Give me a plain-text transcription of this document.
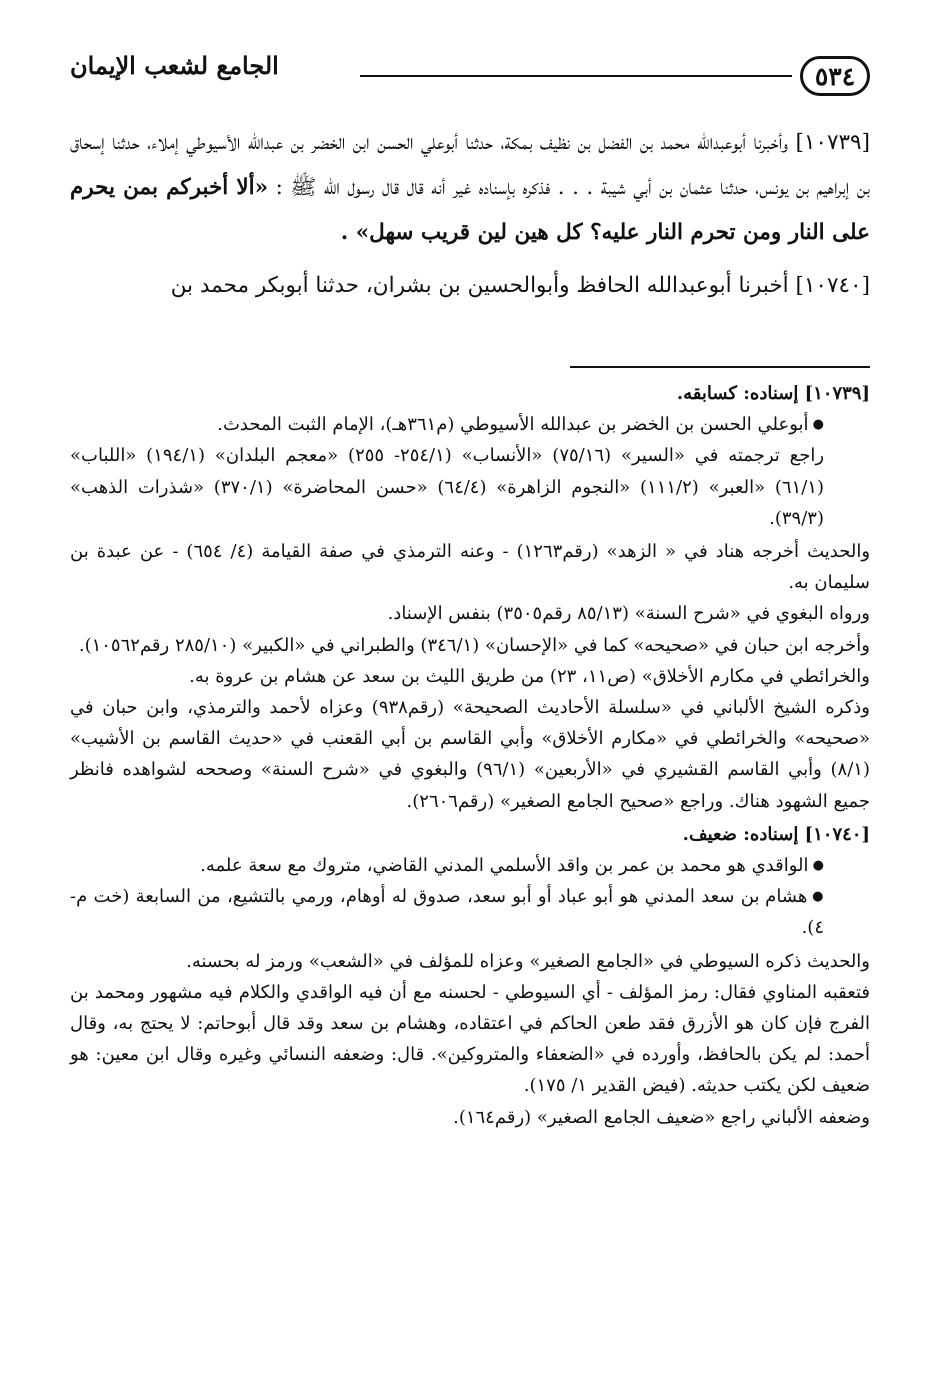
٥٣٤
الجامع لشعب الإيمان

[١٠٧٣٩] وأخبرنا أبوعبدالله محمد بن الفضل بن نظيف بمكة، حدثنا أبوعلي الحسن ابن الخضر بن عبدالله الأسيوطي إملاء، حدثنا إسحاق بن إبراهيم بن يونس، حدثنا عثمان بن أبي شيبة . . . فذكره بإسناده غير أنه قال قال رسول الله ﷺ : «ألا أخبركم بمن يحرم على النار ومن تحرم النار عليه؟ كل هين لين قريب سهل» .

[١٠٧٤٠] أخبرنا أبوعبدالله الحافظ وأبوالحسين بن بشران، حدثنا أبوبكر محمد بن

[١٠٧٣٩] إسناده: كسابقه.

● أبوعلي الحسن بن الخضر بن عبدالله الأسيوطي (م٣٦١هـ)، الإمام الثبت المحدث.

راجع ترجمته في «السير» (٧٥/١٦) «الأنساب» (٢٥٤/١- ٢٥٥) «معجم البلدان» (١٩٤/١) «اللباب» (٦١/١) «العبر» (١١١/٢) «النجوم الزاهرة» (٦٤/٤) «حسن المحاضرة» (٣٧٠/١) «شذرات الذهب» (٣٩/٣).

والحديث أخرجه هناد في « الزهد» (رقم١٢٦٣) - وعنه الترمذي في صفة القيامة (٤/ ٦٥٤) - عن عبدة بن سليمان به.

ورواه البغوي في «شرح السنة» (٨٥/١٣ رقم٣٥٠٥) بنفس الإسناد.

وأخرجه ابن حبان في «صحيحه» كما في «الإحسان» (٣٤٦/١) والطبراني في «الكبير» (٢٨٥/١٠ رقم١٠٥٦٢).

والخرائطي في مكارم الأخلاق» (ص١١، ٢٣) من طريق الليث بن سعد عن هشام بن عروة به.

وذكره الشيخ الألباني في «سلسلة الأحاديث الصحيحة» (رقم٩٣٨) وعزاه لأحمد والترمذي، وابن حبان في «صحيحه» والخرائطي في «مكارم الأخلاق» وأبي القاسم بن أبي القعنب في «حديث القاسم بن الأشيب» (٨/١) وأبي القاسم القشيري في «الأربعين» (٩٦/١) والبغوي في «شرح السنة» وصححه لشواهده فانظر جميع الشهود هناك. وراجع «صحيح الجامع الصغير» (رقم٢٦٠٦).

[١٠٧٤٠] إسناده: ضعيف.

● الواقدي هو محمد بن عمر بن واقد الأسلمي المدني القاضي، متروك مع سعة علمه.

● هشام بن سعد المدني هو أبو عباد أو أبو سعد، صدوق له أوهام، ورمي بالتشيع، من السابعة (خت م- ٤).

والحديث ذكره السيوطي في «الجامع الصغير» وعزاه للمؤلف في «الشعب» ورمز له بحسنه.

فتعقبه المناوي فقال: رمز المؤلف - أي السيوطي - لحسنه مع أن فيه الواقدي والكلام فيه مشهور ومحمد بن الفرج فإن كان هو الأزرق فقد طعن الحاكم في اعتقاده، وهشام بن سعد وقد قال أبوحاتم: لا يحتج به، وقال أحمد: لم يكن بالحافظ، وأورده في «الضعفاء والمتروكين». قال: وضعفه النسائي وغيره وقال ابن معين: هو ضعيف لكن يكتب حديثه. (فيض القدير ١/ ١٧٥).

وضعفه الألباني راجع «ضعيف الجامع الصغير» (رقم١٦٤).
